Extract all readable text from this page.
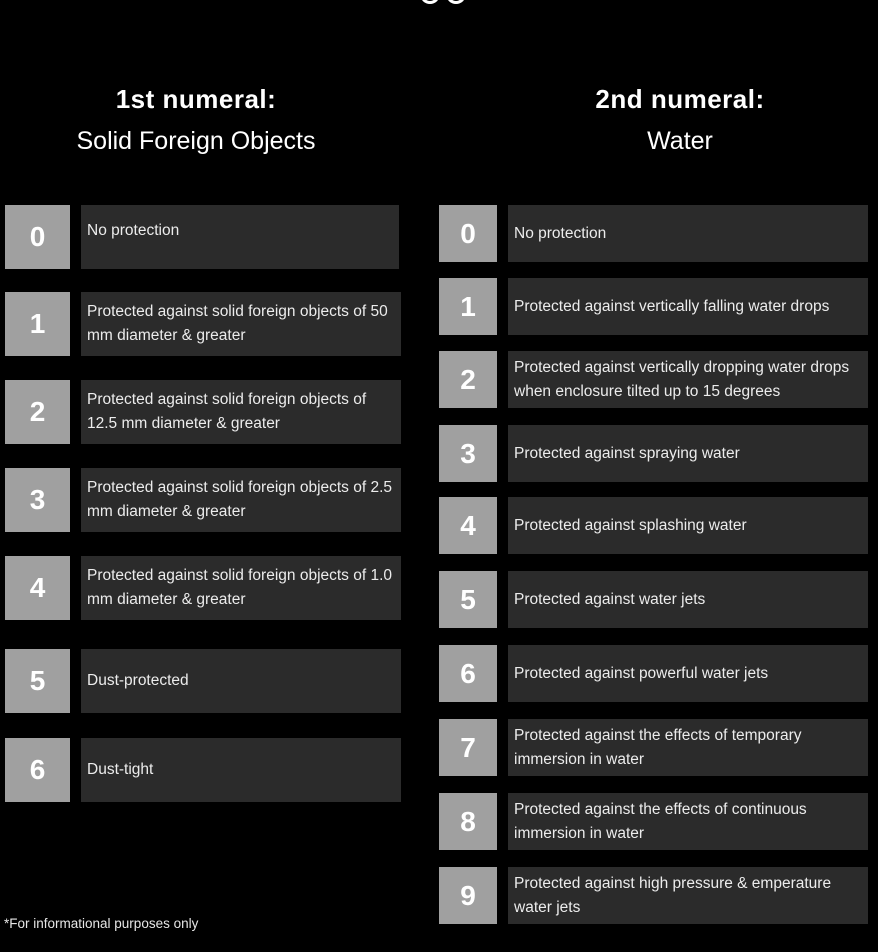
1st numeral:
Solid Foreign Objects
2nd numeral:
Water
0	No protection
1	Protected against solid foreign objects of 50 mm diameter & greater
2	Protected against solid foreign objects of 12.5 mm diameter & greater
3	Protected against solid foreign objects of 2.5 mm diameter & greater
4	Protected against solid foreign objects of 1.0 mm diameter & greater
5	Dust-protected
6	Dust-tight
0	No protection
1	Protected against vertically falling water drops
2	Protected against vertically dropping water drops when enclosure tilted up to 15 degrees
3	Protected against spraying water
4	Protected against splashing water
5	Protected against water jets
6	Protected against powerful water jets
7	Protected against the effects of temporary immersion in water
8	Protected against the effects of continuous immersion in water
9	Protected against high pressure & emperature water jets
*For informational purposes only
